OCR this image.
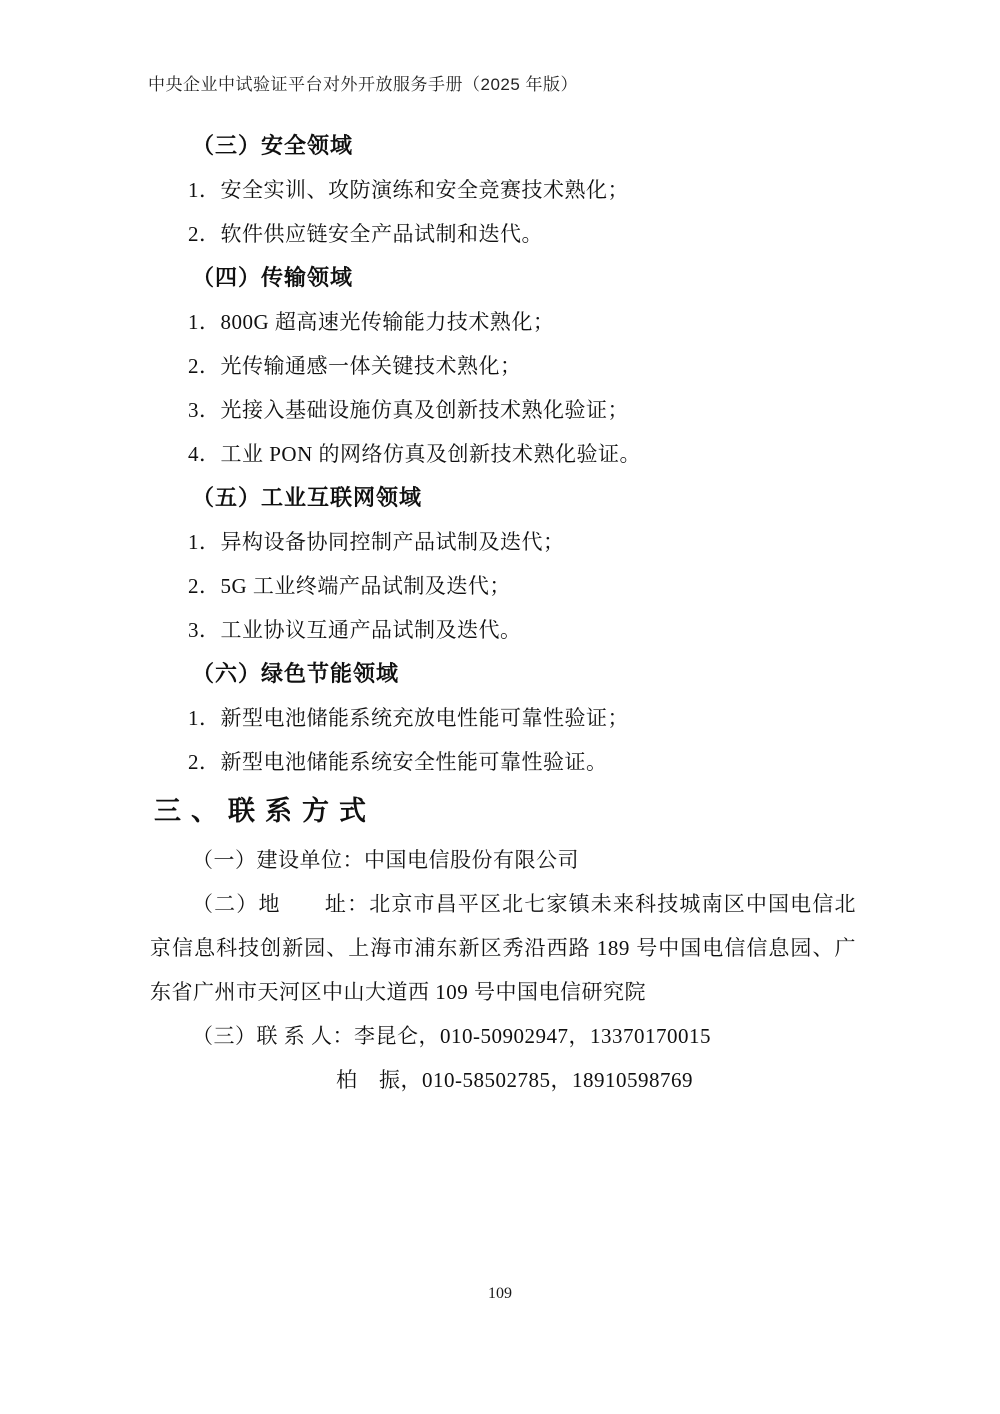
中央企业中试验证平台对外开放服务手册（2025 年版）
（三）安全领域

1．安全实训、攻防演练和安全竞赛技术熟化；

2．软件供应链安全产品试制和迭代。

（四）传输领域

1．800G 超高速光传输能力技术熟化；

2．光传输通感一体关键技术熟化；

3．光接入基础设施仿真及创新技术熟化验证；

4．工业 PON 的网络仿真及创新技术熟化验证。

（五）工业互联网领域

1．异构设备协同控制产品试制及迭代；

2．5G 工业终端产品试制及迭代；

3．工业协议互通产品试制及迭代。

（六）绿色节能领域

1．新型电池储能系统充放电性能可靠性验证；

2．新型电池储能系统安全性能可靠性验证。

三、联系方式

（一）建设单位：中国电信股份有限公司

（二）地　　址：北京市昌平区北七家镇未来科技城南区中国电信北京信息科技创新园、上海市浦东新区秀沿西路 189 号中国电信信息园、广东省广州市天河区中山大道西 109 号中国电信研究院

（三）联 系 人：李昆仑，010-50902947，13370170015

柏　振，010-58502785，18910598769

109
